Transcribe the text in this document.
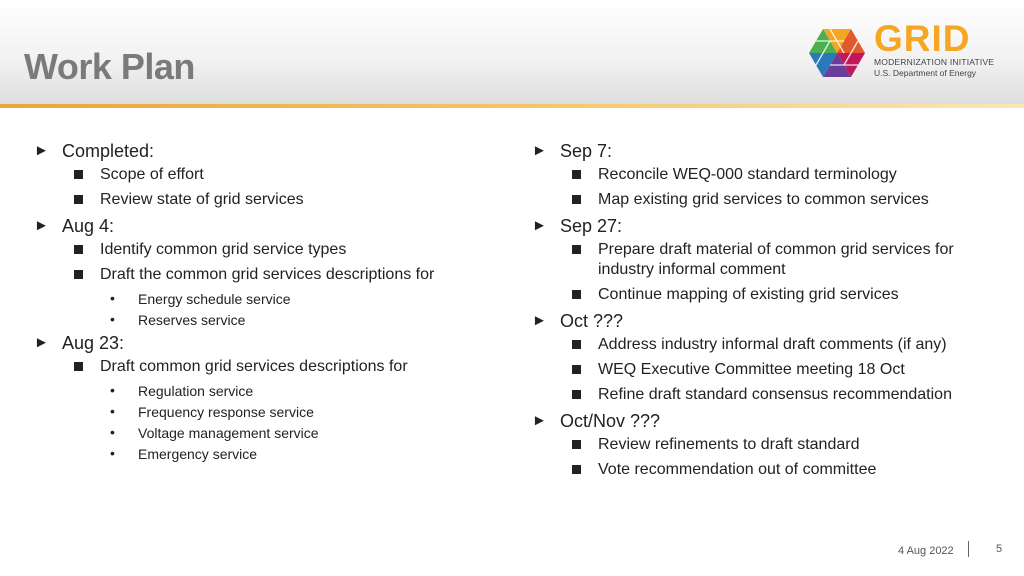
Work Plan
GRID
MODERNIZATION INITIATIVE
U.S. Department of Energy
► Completed:
Scope of effort
Review state of grid services
► Aug 4:
Identify common grid service types
Draft the common grid services descriptions for
• Energy schedule service
• Reserves service
► Aug 23:
Draft common grid services descriptions for
• Regulation service
• Frequency response service
• Voltage management service
• Emergency service
► Sep 7:
Reconcile WEQ-000 standard terminology
Map existing grid services to common services
► Sep 27:
Prepare draft material of common grid services for industry informal comment
Continue mapping of existing grid services
► Oct ???
Address industry informal draft comments (if any)
WEQ Executive Committee meeting 18 Oct
Refine draft standard consensus recommendation
► Oct/Nov ???
Review refinements to draft standard
Vote recommendation out of committee
4 Aug 2022	5
